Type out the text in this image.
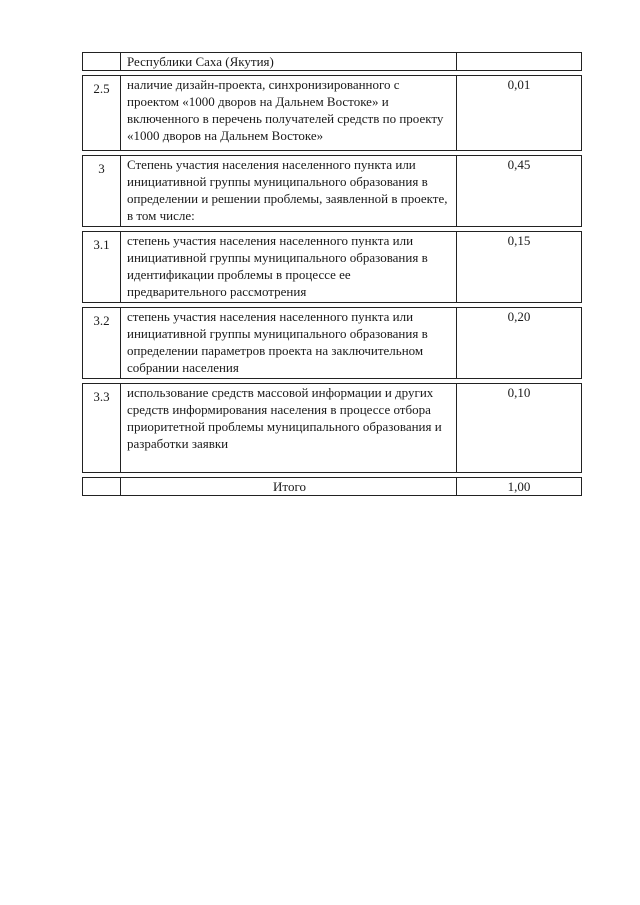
	Республики Саха (Якутия)	
2.5	наличие дизайн-проекта, синхронизированного с проектом «1000 дворов на Дальнем Востоке» и включенного в перечень получателей средств по проекту «1000 дворов на Дальнем Востоке»	0,01
3	Степень участия населения населенного пункта или инициативной группы муниципального образования в определении и решении проблемы, заявленной в проекте, в том числе:	0,45
3.1	степень участия населения населенного пункта или инициативной группы муниципального образования в идентификации проблемы в процессе ее предварительного рассмотрения	0,15
3.2	степень участия населения населенного пункта или инициативной группы муниципального образования в определении параметров проекта на заключительном собрании населения	0,20
3.3	использование средств массовой информации и других средств информирования населения в процессе отбора приоритетной проблемы муниципального образования и разработки заявки	0,10
	Итого	1,00
